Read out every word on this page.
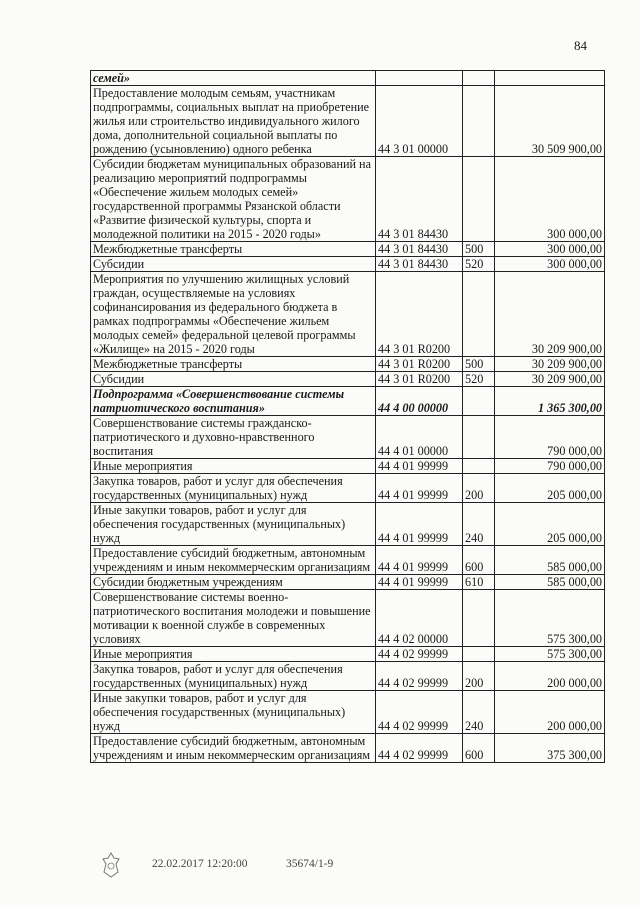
84
семей»			
Предоставление молодым семьям, участникам подпрограммы, социальных выплат на приобретение жилья или строительство индивидуального жилого дома, дополнительной социальной выплаты по рождению (усыновлению) одного ребенка	44 3 01 00000		30 509 900,00
Субсидии бюджетам муниципальных образований на реализацию мероприятий подпрограммы «Обеспечение жильем молодых семей» государственной программы Рязанской области «Развитие физической культуры, спорта и молодежной политики на 2015 - 2020 годы»	44 3 01 84430		300 000,00
Межбюджетные трансферты	44 3 01 84430	500	300 000,00
Субсидии	44 3 01 84430	520	300 000,00
Мероприятия по улучшению жилищных условий граждан, осуществляемые на условиях софинансирования из федерального бюджета в рамках подпрограммы «Обеспечение жильем молодых семей» федеральной целевой программы «Жилище» на 2015 - 2020 годы	44 3 01 R0200		30 209 900,00
Межбюджетные трансферты	44 3 01 R0200	500	30 209 900,00
Субсидии	44 3 01 R0200	520	30 209 900,00
Подпрограмма «Совершенствование системы патриотического воспитания»	44 4 00 00000		1 365 300,00
Совершенствование системы гражданско-патриотического и духовно-нравственного воспитания	44 4 01 00000		790 000,00
Иные мероприятия	44 4 01 99999		790 000,00
Закупка товаров, работ и услуг для обеспечения государственных (муниципальных) нужд	44 4 01 99999	200	205 000,00
Иные закупки товаров, работ и услуг для обеспечения государственных (муниципальных) нужд	44 4 01 99999	240	205 000,00
Предоставление субсидий бюджетным, автономным учреждениям и иным некоммерческим организациям	44 4 01 99999	600	585 000,00
Субсидии бюджетным учреждениям	44 4 01 99999	610	585 000,00
Совершенствование системы военно-патриотического воспитания молодежи и повышение мотивации к военной службе в современных условиях	44 4 02 00000		575 300,00
Иные мероприятия	44 4 02 99999		575 300,00
Закупка товаров, работ и услуг для обеспечения государственных (муниципальных) нужд	44 4 02 99999	200	200 000,00
Иные закупки товаров, работ и услуг для обеспечения государственных (муниципальных) нужд	44 4 02 99999	240	200 000,00
Предоставление субсидий бюджетным, автономным учреждениям и иным некоммерческим организациям	44 4 02 99999	600	375 300,00
22.02.2017 12:20:00	35674/1-9
